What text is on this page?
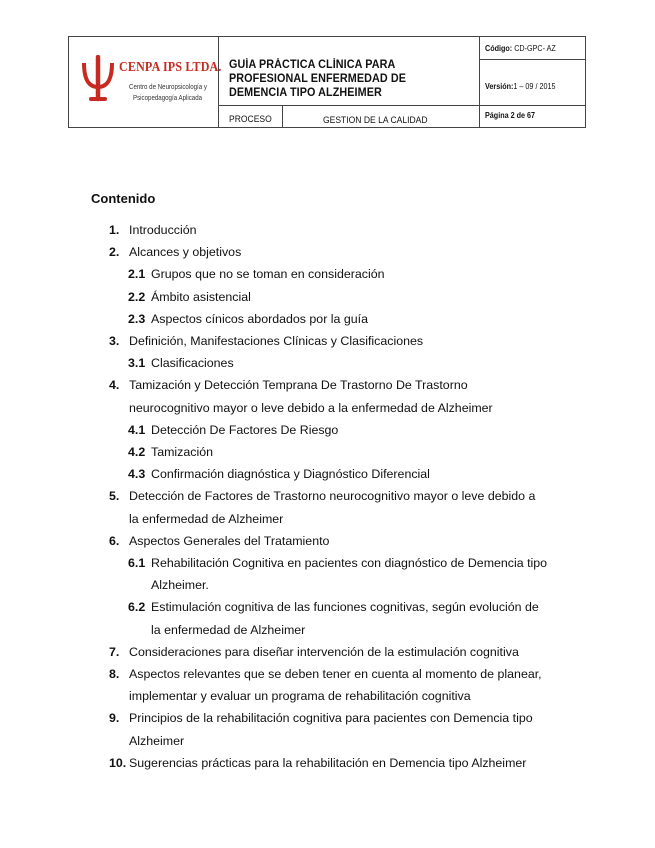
CENPA IPS LTDA.
Centro de Neuropsicología y
Psicopedagogía Aplicada
GUÍA PRÁCTICA CLÍNICA PARA PROFESIONAL ENFERMEDAD DE DEMENCIA TIPO ALZHEIMER
Código: CD-GPC- AZ
Versión:1 – 09 / 2015
Página 2 de 67
PROCESO	GESTION DE LA CALIDAD
Contenido
1. Introducción
2. Alcances y objetivos
2.1 Grupos que no se toman en consideración
2.2 Ámbito asistencial
2.3 Aspectos cínicos abordados por la guía
3. Definición, Manifestaciones Clínicas y Clasificaciones
3.1 Clasificaciones
4. Tamización y Detección Temprana De Trastorno De Trastorno
neurocognitivo mayor o leve debido a la enfermedad de Alzheimer
4.1 Detección De Factores De Riesgo
4.2 Tamización
4.3 Confirmación diagnóstica y Diagnóstico Diferencial
5. Detección de Factores de Trastorno neurocognitivo mayor o leve debido a
la enfermedad de Alzheimer
6. Aspectos Generales del Tratamiento
6.1 Rehabilitación Cognitiva en pacientes con diagnóstico de Demencia tipo
Alzheimer.
6.2 Estimulación cognitiva de las funciones cognitivas, según evolución de
la enfermedad de Alzheimer
7. Consideraciones para diseñar intervención de la estimulación cognitiva
8. Aspectos relevantes que se deben tener en cuenta al momento de planear,
implementar y evaluar un programa de rehabilitación cognitiva
9. Principios de la rehabilitación cognitiva para pacientes con Demencia tipo
Alzheimer
10. Sugerencias prácticas para la rehabilitación en Demencia tipo Alzheimer
